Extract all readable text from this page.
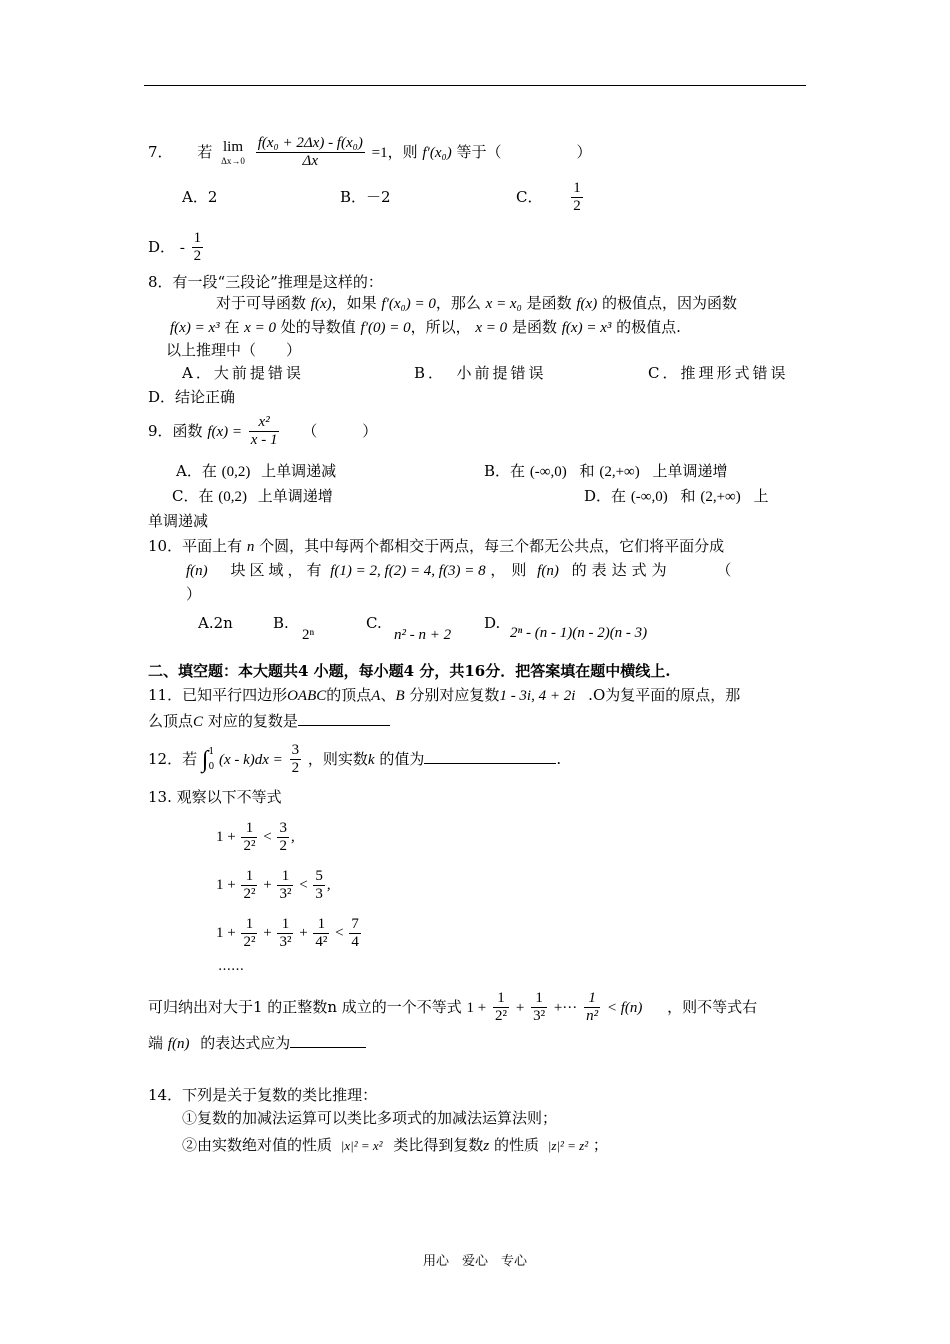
7． 若 lim
Δx→0
$\frac{\text{f(x₀ + 2Δx) - f(x₀)}}{\Delta x} =1$，则 f′(x₀) 等于（　　　　　）
A．2	B．－2	C． $\frac{1}{2}$
D． - $\frac{1}{2}$
8．有一段“三段论”推理是这样的：
对于可导函数 f(x)，如果 f′(x₀) = 0，那么 x = x₀ 是函数 f(x) 的极值点，因为函数
f(x) = x³ 在 x = 0 处的导数值 f′(0) = 0，所以， x = 0 是函数 f(x) = x³ 的极值点.
以上推理中（　　）
A．大前提错误	B．　小前提错误	C．推理形式错误
D．结论正确
9．函数 $f(x) = \frac{\text{x²}}{x - 1}$ （　　　）
A．在 (0,2) 上单调递减	B．在 (-∞,0) 和 (2,+∞) 上单调递增
C．在 (0,2) 上单调递增	D．在 (-∞,0) 和 (2,+∞) 上
单调递减
10．平面上有 n 个圆，其中每两个都相交于两点，每三个都无公共点，它们将平面分成
f(n) 块区域，有 f(1) = 2, f(2) = 4, f(3) = 8 ，则 f(n) 的表达式为	（
）
A.2n	B.
2ⁿ
C.
n² - n + 2
D.
2ⁿ - (n - 1)(n - 2)(n - 3)
二、填空题：本大题共4 小题，每小题4 分，共16分．把答案填在题中横线上.
11．已知平行四边形OABC的顶点A、B 分别对应复数1 - 3i, 4 + 2i .O为复平面的原点，那
么顶点C 对应的复数是
12．若 ∫ 1
0 $(x - k)dx = \frac{3}{2}$ ，则实数k 的值为	.
13. 观察以下不等式
$1 + \frac{1}{\text{2²}} < \frac{3}{2}$ ,
$1 + \frac{1}{\text{2²}} + \frac{1}{\text{3²}} < \frac{5}{3}$ ,
$1 + \frac{1}{\text{2²}} + \frac{1}{\text{3²}} + \frac{1}{\text{4²}} < \frac{7}{4}$
……
可归纳出对大于1 的正整数n 成立的一个不等式 $1 + \frac{1}{\text{2²}} + \frac{1}{\text{3²}}$ +··· $\frac{1}{\text{n²}} < f(n)$ ，则不等式右
端 f(n) 的表达式应为
14．下列是关于复数的类比推理：
①复数的加减法运算可以类比多项式的加减法运算法则；
②由实数绝对值的性质 |x|² = x² 类比得到复数z 的性质 |z|² = z² ；
用心　爱心　专心
